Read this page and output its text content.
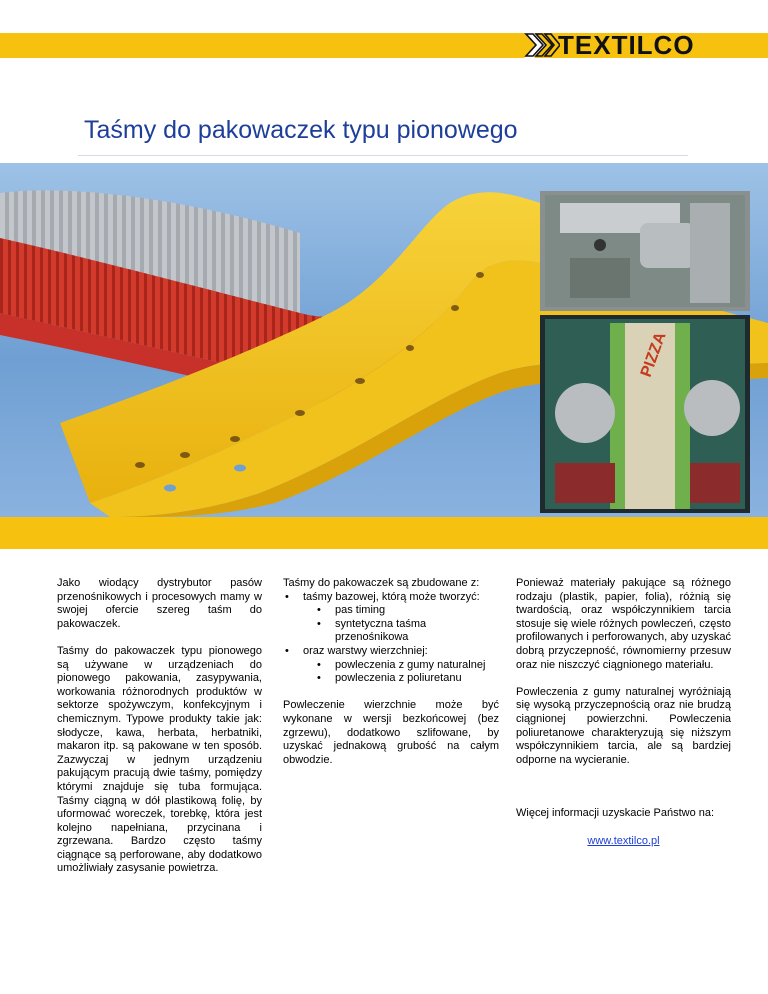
TEXTILCO
Taśmy do pakowaczek typu pionowego
PIZZA

Jako wiodący dystrybutor pasów przenośnikowych i procesowych mamy w swojej ofercie szereg taśm do pakowaczek.

Taśmy do pakowaczek typu pionowego są używane w urządzeniach do pionowego pakowania, zasypywania, workowania różnorodnych produktów w sektorze spożywczym, konfekcyjnym i chemicznym. Typowe produkty takie jak: słodycze, kawa, herbata, herbatniki, makaron itp. są pakowane w ten sposób. Zazwyczaj w jednym urządzeniu pakującym pracują dwie taśmy, pomiędzy którymi znajduje się tuba formująca. Taśmy ciągną w dół plastikową folię, by uformować woreczek, torebkę, która jest kolejno napełniana, przycinana i zgrzewana. Bardzo często taśmy ciągnące są perforowane, aby dodatkowo umożliwiały zasysanie powietrza.

Taśmy do pakowaczek są zbudowane z:

• taśmy bazowej, którą może tworzyć:
• pas timing
• syntetyczna taśma przenośnikowa
• oraz warstwy wierzchniej:
• powleczenia z gumy naturalnej
• powleczenia z poliuretanu

Powleczenie wierzchnie może być wykonane w wersji bezkońcowej (bez zgrzewu), dodatkowo szlifowane, by uzyskać jednakową grubość na całym obwodzie.

Ponieważ materiały pakujące są różnego rodzaju (plastik, papier, folia), różnią się twardością, oraz współczynnikiem tarcia stosuje się wiele różnych powleczeń, często profilowanych i perforowanych, aby uzyskać dobrą przyczepność, równomierny przesuw oraz nie niszczyć ciągnionego materiału.

Powleczenia z gumy naturalnej wyróżniają się wysoką przyczepnością oraz nie brudzą ciągnionej powierzchni. Powleczenia poliuretanowe charakteryzują się niższym współczynnikiem tarcia, ale są bardziej odporne na wycieranie.

Więcej informacji uzyskacie Państwo na:

www.textilco.pl
